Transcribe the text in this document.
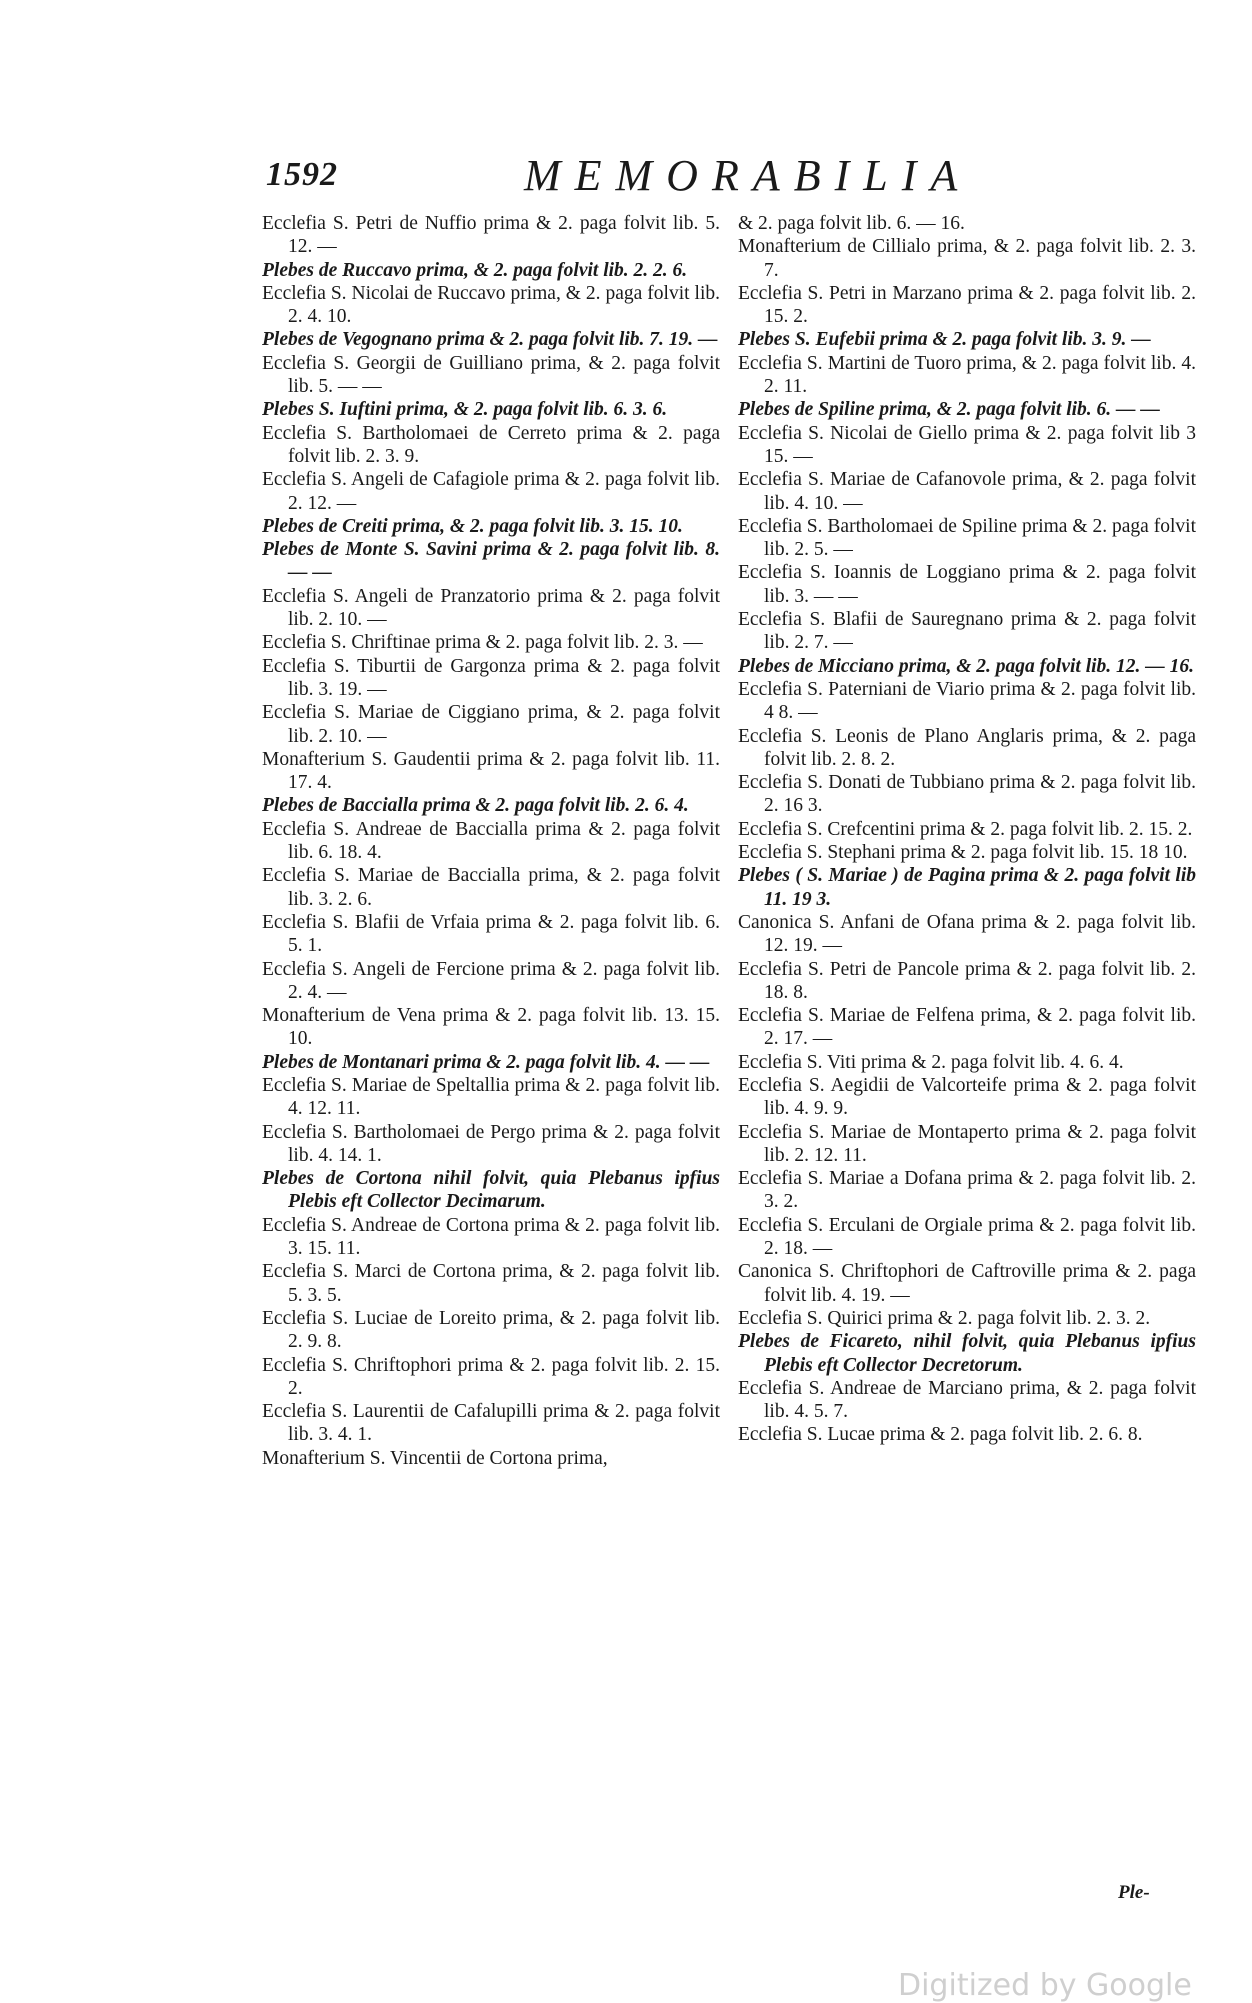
1592	MEMORABILIA

Ecclefia S. Petri de Nuffio prima & 2. paga folvit lib. 5. 12. —

Plebes de Ruccavo prima, & 2. paga folvit lib. 2. 2. 6.

Ecclefia S. Nicolai de Ruccavo prima, & 2. paga folvit lib. 2. 4. 10.

Plebes de Vegognano prima & 2. paga folvit lib. 7. 19. —

Ecclefia S. Georgii de Guilliano prima, & 2. paga folvit lib. 5. — —

Plebes S. Iuftini prima, & 2. paga folvit lib. 6. 3. 6.

Ecclefia S. Bartholomaei de Cerreto prima & 2. paga folvit lib. 2. 3. 9.

Ecclefia S. Angeli de Cafagiole prima & 2. paga folvit lib. 2. 12. —

Plebes de Creiti prima, & 2. paga folvit lib. 3. 15. 10.

Plebes de Monte S. Savini prima & 2. paga folvit lib. 8. — —

Ecclefia S. Angeli de Pranzatorio prima & 2. paga folvit lib. 2. 10. —

Ecclefia S. Chriftinae prima & 2. paga folvit lib. 2. 3. —

Ecclefia S. Tiburtii de Gargonza prima & 2. paga folvit lib. 3. 19. —

Ecclefia S. Mariae de Ciggiano prima, & 2. paga folvit lib. 2. 10. —

Monafterium S. Gaudentii prima & 2. paga folvit lib. 11. 17. 4.

Plebes de Baccialla prima & 2. paga folvit lib. 2. 6. 4.

Ecclefia S. Andreae de Baccialla prima & 2. paga folvit lib. 6. 18. 4.

Ecclefia S. Mariae de Baccialla prima, & 2. paga folvit lib. 3. 2. 6.

Ecclefia S. Blafii de Vrfaia prima & 2. paga folvit lib. 6. 5. 1.

Ecclefia S. Angeli de Fercione prima & 2. paga folvit lib. 2. 4. —

Monafterium de Vena prima & 2. paga folvit lib. 13. 15. 10.

Plebes de Montanari prima & 2. paga folvit lib. 4. — —

Ecclefia S. Mariae de Speltallia prima & 2. paga folvit lib. 4. 12. 11.

Ecclefia S. Bartholomaei de Pergo prima & 2. paga folvit lib. 4. 14. 1.

Plebes de Cortona nihil folvit, quia Plebanus ipfius Plebis eft Collector Decimarum.

Ecclefia S. Andreae de Cortona prima & 2. paga folvit lib. 3. 15. 11.

Ecclefia S. Marci de Cortona prima, & 2. paga folvit lib. 5. 3. 5.

Ecclefia S. Luciae de Loreito prima, & 2. paga folvit lib. 2. 9. 8.

Ecclefia S. Chriftophori prima & 2. paga folvit lib. 2. 15. 2.

Ecclefia S. Laurentii de Cafalupilli prima & 2. paga folvit lib. 3. 4. 1.

Monafterium S. Vincentii de Cortona prima,

& 2. paga folvit lib. 6. — 16.

Monafterium de Cillialo prima, & 2. paga folvit lib. 2. 3. 7.

Ecclefia S. Petri in Marzano prima & 2. paga folvit lib. 2. 15. 2.

Plebes S. Eufebii prima & 2. paga folvit lib. 3. 9. —

Ecclefia S. Martini de Tuoro prima, & 2. paga folvit lib. 4. 2. 11.

Plebes de Spiline prima, & 2. paga folvit lib. 6. — —

Ecclefia S. Nicolai de Giello prima & 2. paga folvit lib 3 15. —

Ecclefia S. Mariae de Cafanovole prima, & 2. paga folvit lib. 4. 10. —

Ecclefia S. Bartholomaei de Spiline prima & 2. paga folvit lib. 2. 5. —

Ecclefia S. Ioannis de Loggiano prima & 2. paga folvit lib. 3. — —

Ecclefia S. Blafii de Sauregnano prima & 2. paga folvit lib. 2. 7. —

Plebes de Micciano prima, & 2. paga folvit lib. 12. — 16.

Ecclefia S. Paterniani de Viario prima & 2. paga folvit lib. 4 8. —

Ecclefia S. Leonis de Plano Anglaris prima, & 2. paga folvit lib. 2. 8. 2.

Ecclefia S. Donati de Tubbiano prima & 2. paga folvit lib. 2. 16 3.

Ecclefia S. Crefcentini prima & 2. paga folvit lib. 2. 15. 2.

Ecclefia S. Stephani prima & 2. paga folvit lib. 15. 18 10.

Plebes ( S. Mariae ) de Pagina prima & 2. paga folvit lib 11. 19 3.

Canonica S. Anfani de Ofana prima & 2. paga folvit lib. 12. 19. —

Ecclefia S. Petri de Pancole prima & 2. paga folvit lib. 2. 18. 8.

Ecclefia S. Mariae de Felfena prima, & 2. paga folvit lib. 2. 17. —

Ecclefia S. Viti prima & 2. paga folvit lib. 4. 6. 4.

Ecclefia S. Aegidii de Valcorteife prima & 2. paga folvit lib. 4. 9. 9.

Ecclefia S. Mariae de Montaperto prima & 2. paga folvit lib. 2. 12. 11.

Ecclefia S. Mariae a Dofana prima & 2. paga folvit lib. 2. 3. 2.

Ecclefia S. Erculani de Orgiale prima & 2. paga folvit lib. 2. 18. —

Canonica S. Chriftophori de Caftroville prima & 2. paga folvit lib. 4. 19. —

Ecclefia S. Quirici prima & 2. paga folvit lib. 2. 3. 2.

Plebes de Ficareto, nihil folvit, quia Plebanus ipfius Plebis eft Collector Decretorum.

Ecclefia S. Andreae de Marciano prima, & 2. paga folvit lib. 4. 5. 7.

Ecclefia S. Lucae prima & 2. paga folvit lib. 2. 6. 8.

Ple-
Digitized by Google
